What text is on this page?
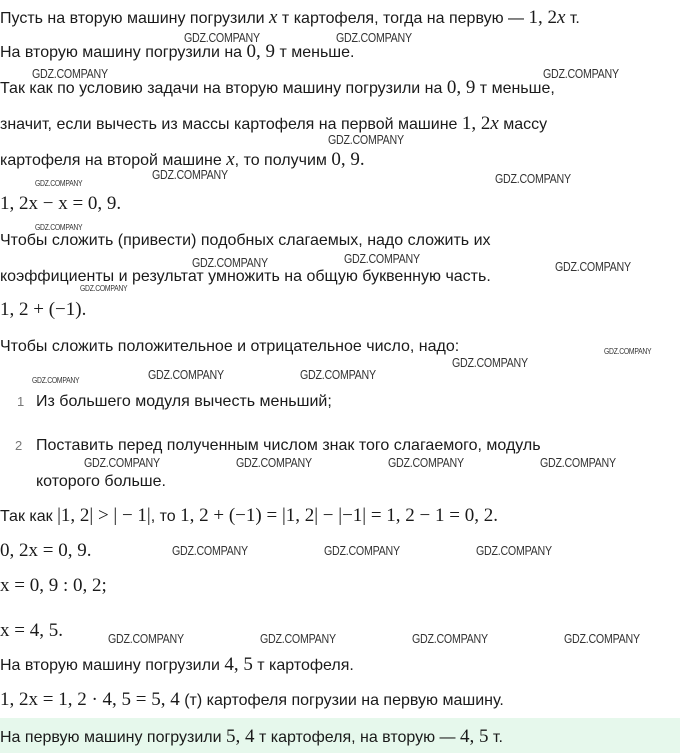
Пусть на вторую машину погрузили x т картофеля, тогда на первую — 1, 2x т.
На вторую машину погрузили на 0, 9 т меньше.
Так как по условию задачи на вторую машину погрузили на 0, 9 т меньше,
значит, если вычесть из массы картофеля на первой машине 1, 2x массу
картофеля на второй машине x, то получим 0, 9.
1, 2x − x = 0, 9.
Чтобы сложить (привести) подобных слагаемых, надо сложить их
коэффициенты и результат умножить на общую буквенную часть.
1, 2 + (−1).
Чтобы сложить положительное и отрицательное число, надо:
1 Из большего модуля вычесть меньший;
2 Поставить перед полученным числом знак того слагаемого, модуль
которого больше.
Так как |1, 2| > | − 1|, то 1, 2 + (−1) = |1, 2| − |−1| = 1, 2 − 1 = 0, 2.
0, 2x = 0, 9.
x = 0, 9 : 0, 2;
x = 4, 5.
На вторую машину погрузили 4, 5 т картофеля.
1, 2x = 1, 2 · 4, 5 = 5, 4 (т) картофеля погрузии на первую машину.
На первую машину погрузили 5, 4 т картофеля, на вторую — 4, 5 т.
GDZ.COMPANY	GDZ.COMPANY
GDZ.COMPANY	GDZ.COMPANY
GDZ.COMPANY
GDZ.COMPANY
GDZ.COMPANY	GDZ.COMPANY
GDZ.COMPANY
GDZ.COMPANY	GDZ.COMPANY
GDZ.COMPANY
GDZ.COMPANY
GDZ.COMPANY
GDZ.COMPANY
GDZ.COMPANY	GDZ.COMPANY	GDZ.COMPANY
GDZ.COMPANY	GDZ.COMPANY	GDZ.COMPANY	GDZ.COMPANY
GDZ.COMPANY	GDZ.COMPANY	GDZ.COMPANY
GDZ.COMPANY	GDZ.COMPANY	GDZ.COMPANY	GDZ.COMPANY
